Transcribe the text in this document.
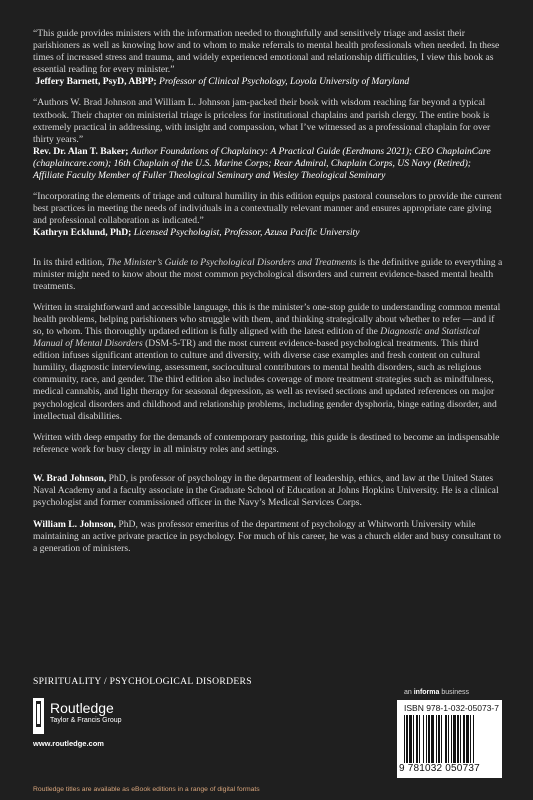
“This guide provides ministers with the information needed to thoughtfully and sensitively triage and assist their parishioners as well as knowing how and to whom to make referrals to mental health professionals when needed. In these times of increased stress and trauma, and widely experienced emotional and relationship difficulties, I view this book as essential reading for every minister.”

Jeffery Barnett, PsyD, ABPP; Professor of Clinical Psychology, Loyola University of Maryland

“Authors W. Brad Johnson and William L. Johnson jam-packed their book with wisdom reaching far beyond a typical textbook. Their chapter on ministerial triage is priceless for institutional chaplains and parish clergy. The entire book is extremely practical in addressing, with insight and compassion, what I’ve witnessed as a professional chaplain for over thirty years.”

Rev. Dr. Alan T. Baker; Author Foundations of Chaplaincy: A Practical Guide (Eerdmans 2021); CEO ChaplainCare (chaplaincare.com); 16th Chaplain of the U.S. Marine Corps; Rear Admiral, Chaplain Corps, US Navy (Retired); Affiliate Faculty Member of Fuller Theological Seminary and Wesley Theological Seminary

“Incorporating the elements of triage and cultural humility in this edition equips pastoral counselors to provide the current best practices in meeting the needs of individuals in a contextually relevant manner and ensures appropriate care giving and professional collaboration as indicated.”

Kathryn Ecklund, PhD; Licensed Psychologist, Professor, Azusa Pacific University

In its third edition, The Minister’s Guide to Psychological Disorders and Treatments is the definitive guide to everything a minister might need to know about the most common psychological disorders and current evidence-based mental health treatments.

Written in straightforward and accessible language, this is the minister’s one-stop guide to understanding common mental health problems, helping parishioners who struggle with them, and thinking strategically about whether to refer —and if so, to whom. This thoroughly updated edition is fully aligned with the latest edition of the Diagnostic and Statistical Manual of Mental Disorders (DSM-5-TR) and the most current evidence-based psychological treatments. This third edition infuses significant attention to culture and diversity, with diverse case examples and fresh content on cultural humility, diagnostic interviewing, assessment, sociocultural contributors to mental health disorders, such as religious community, race, and gender. The third edition also includes coverage of more treatment strategies such as mindfulness, medical cannabis, and light therapy for seasonal depression, as well as revised sections and updated references on major psychological disorders and childhood and relationship problems, including gender dysphoria, binge eating disorder, and intellectual disabilities.

Written with deep empathy for the demands of contemporary pastoring, this guide is destined to become an indispensable reference work for busy clergy in all ministry roles and settings.

W. Brad Johnson, PhD, is professor of psychology in the department of leadership, ethics, and law at the United States Naval Academy and a faculty associate in the Graduate School of Education at Johns Hopkins University. He is a clinical psychologist and former commissioned officer in the Navy’s Medical Services Corps.

William L. Johnson, PhD, was professor emeritus of the department of psychology at Whitworth University while maintaining an active private practice in psychology. For much of his career, he was a church elder and busy consultant to a generation of ministers.

SPIRITUALITY / PSYCHOLOGICAL DISORDERS
Routledge
Taylor & Francis Group
www.routledge.com
an informa business
ISBN 978-1-032-05073-7
9 781032 050737
Routledge titles are available as eBook editions in a range of digital formats
